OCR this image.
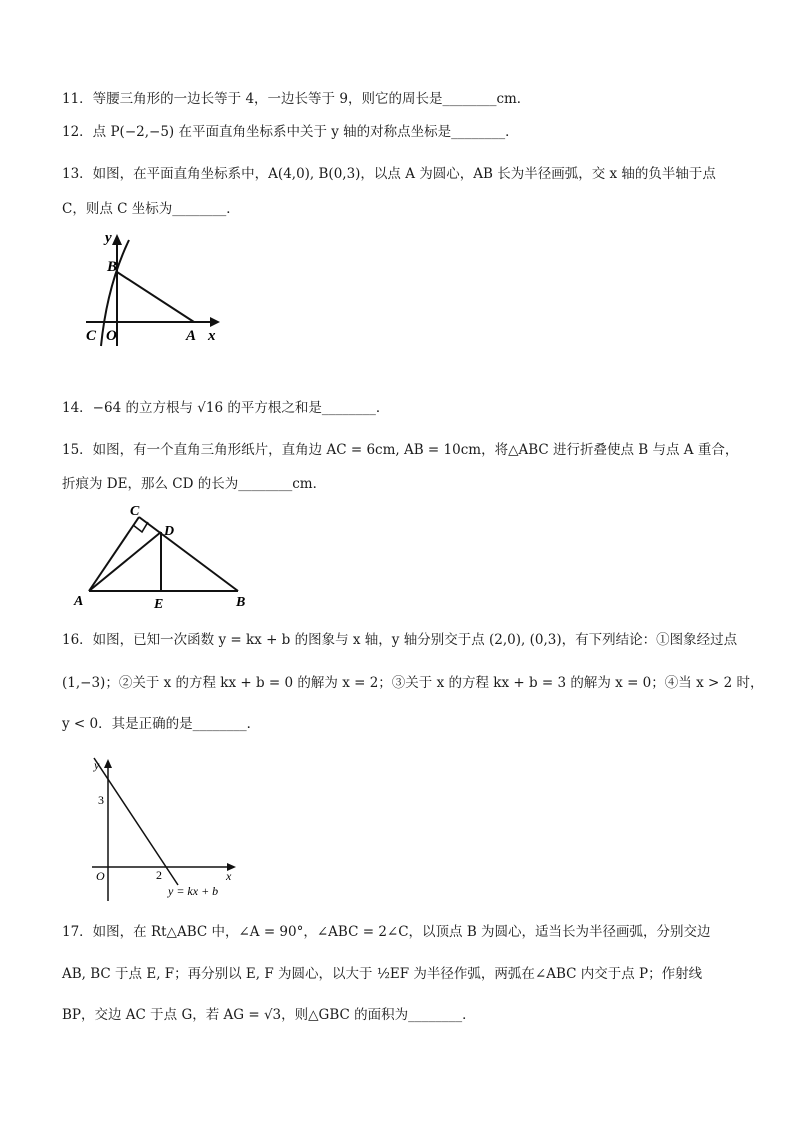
11．等腰三角形的一边长等于 4，一边长等于 9，则它的周长是________cm．
12．点 P(−2,−5) 在平面直角坐标系中关于 y 轴的对称点坐标是________．
13．如图，在平面直角坐标系中，A(4,0), B(0,3)，以点 A 为圆心，AB 长为半径画弧，交 x 轴的负半轴于点
C，则点 C 坐标为________．
y
B
O
C	A x
14．−64 的立方根与 √16 的平方根之和是________．
15．如图，有一个直角三角形纸片，直角边 AC = 6cm, AB = 10cm，将△ABC 进行折叠使点 B 与点 A 重合，
折痕为 DE，那么 CD 的长为________cm．
C
D
A	E	B
16．如图，已知一次函数 y = kx + b 的图象与 x 轴，y 轴分别交于点 (2,0), (0,3)，有下列结论：①图象经过点
(1,−3)；②关于 x 的方程 kx + b = 0 的解为 x = 2；③关于 x 的方程 kx + b = 3 的解为 x = 0；④当 x > 2 时，
y < 0．其是正确的是________．
y
3
O	2	x
y = kx + b
17．如图，在 Rt△ABC 中，∠A = 90°，∠ABC = 2∠C，以顶点 B 为圆心，适当长为半径画弧，分别交边
AB, BC 于点 E, F；再分别以 E, F 为圆心，以大于 ½EF 为半径作弧，两弧在∠ABC 内交于点 P；作射线
BP，交边 AC 于点 G，若 AG = √3，则△GBC 的面积为________．
